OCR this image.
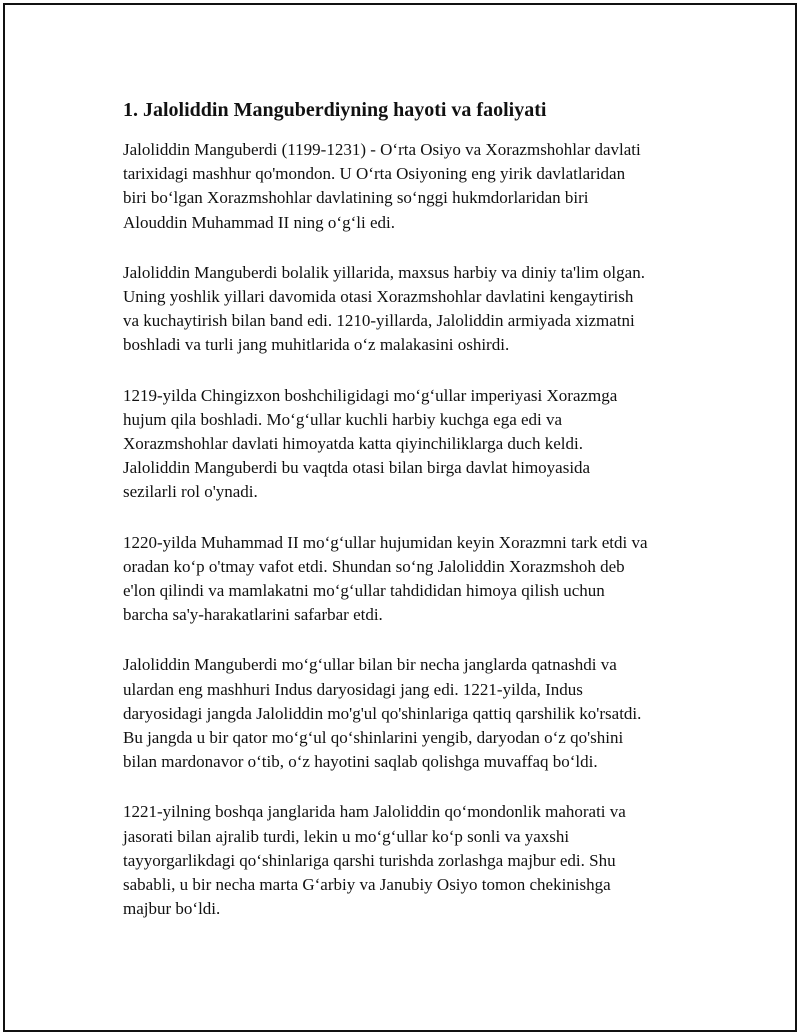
1. Jaloliddin Manguberdiyning hayoti va faoliyati

Jaloliddin Manguberdi (1199-1231) - O‘rta Osiyo va Xorazmshohlar davlati
tarixidagi mashhur qo'mondon. U O‘rta Osiyoning eng yirik davlatlaridan
biri bo‘lgan Xorazmshohlar davlatining so‘nggi hukmdorlaridan biri
Alouddin Muhammad II ning o‘g‘li edi.

Jaloliddin Manguberdi bolalik yillarida, maxsus harbiy va diniy ta'lim olgan.
Uning yoshlik yillari davomida otasi Xorazmshohlar davlatini kengaytirish
va kuchaytirish bilan band edi. 1210-yillarda, Jaloliddin armiyada xizmatni
boshladi va turli jang muhitlarida o‘z malakasini oshirdi.

1219-yilda Chingizxon boshchiligidagi mo‘g‘ullar imperiyasi Xorazmga
hujum qila boshladi. Mo‘g‘ullar kuchli harbiy kuchga ega edi va
Xorazmshohlar davlati himoyatda katta qiyinchiliklarga duch keldi.
Jaloliddin Manguberdi bu vaqtda otasi bilan birga davlat himoyasida
sezilarli rol o'ynadi.

1220-yilda Muhammad II mo‘g‘ullar hujumidan keyin Xorazmni tark etdi va
oradan ko‘p o'tmay vafot etdi. Shundan so‘ng Jaloliddin Xorazmshoh deb
e'lon qilindi va mamlakatni mo‘g‘ullar tahdididan himoya qilish uchun
barcha sa'y-harakatlarini safarbar etdi.

Jaloliddin Manguberdi mo‘g‘ullar bilan bir necha janglarda qatnashdi va
ulardan eng mashhuri Indus daryosidagi jang edi. 1221-yilda, Indus
daryosidagi jangda Jaloliddin mo'g'ul qo'shinlariga qattiq qarshilik ko'rsatdi.
Bu jangda u bir qator mo‘g‘ul qo‘shinlarini yengib, daryodan o‘z qo'shini
bilan mardonavor o‘tib, o‘z hayotini saqlab qolishga muvaffaq bo‘ldi.

1221-yilning boshqa janglarida ham Jaloliddin qo‘mondonlik mahorati va
jasorati bilan ajralib turdi, lekin u mo‘g‘ullar ko‘p sonli va yaxshi
tayyorgarlikdagi qo‘shinlariga qarshi turishda zorlashga majbur edi. Shu
sababli, u bir necha marta G‘arbiy va Janubiy Osiyo tomon chekinishga
majbur bo‘ldi.
